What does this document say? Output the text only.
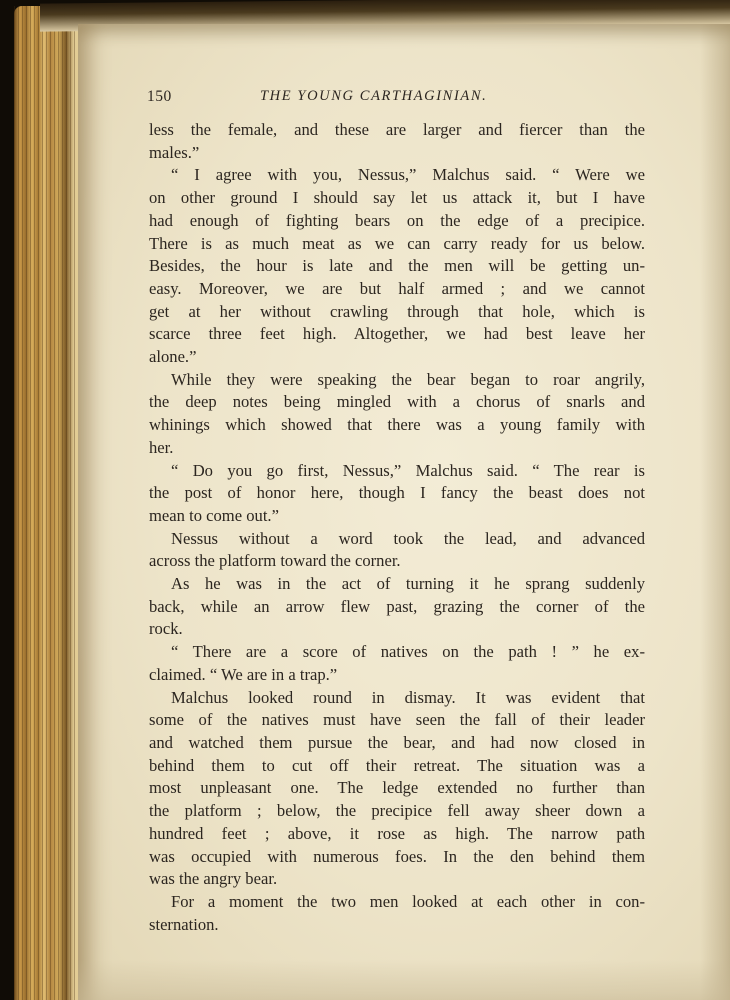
150	THE YOUNG CARTHAGINIAN.
less the female, and these are larger and fiercer than the
males.”
“ I agree with you, Nessus,” Malchus said. “ Were we
on other ground I should say let us attack it, but I have
had enough of fighting bears on the edge of a precipice.
There is as much meat as we can carry ready for us below.
Besides, the hour is late and the men will be getting un-
easy. Moreover, we are but half armed ; and we cannot
get at her without crawling through that hole, which is
scarce three feet high. Altogether, we had best leave her
alone.”
While they were speaking the bear began to roar angrily,
the deep notes being mingled with a chorus of snarls and
whinings which showed that there was a young family with
her.
“ Do you go first, Nessus,” Malchus said. “ The rear is
the post of honor here, though I fancy the beast does not
mean to come out.”
Nessus without a word took the lead, and advanced
across the platform toward the corner.
As he was in the act of turning it he sprang suddenly
back, while an arrow flew past, grazing the corner of the
rock.
“ There are a score of natives on the path ! ” he ex-
claimed. “ We are in a trap.”
Malchus looked round in dismay. It was evident that
some of the natives must have seen the fall of their leader
and watched them pursue the bear, and had now closed in
behind them to cut off their retreat. The situation was a
most unpleasant one. The ledge extended no further than
the platform ; below, the precipice fell away sheer down a
hundred feet ; above, it rose as high. The narrow path
was occupied with numerous foes. In the den behind them
was the angry bear.
For a moment the two men looked at each other in con-
sternation.
